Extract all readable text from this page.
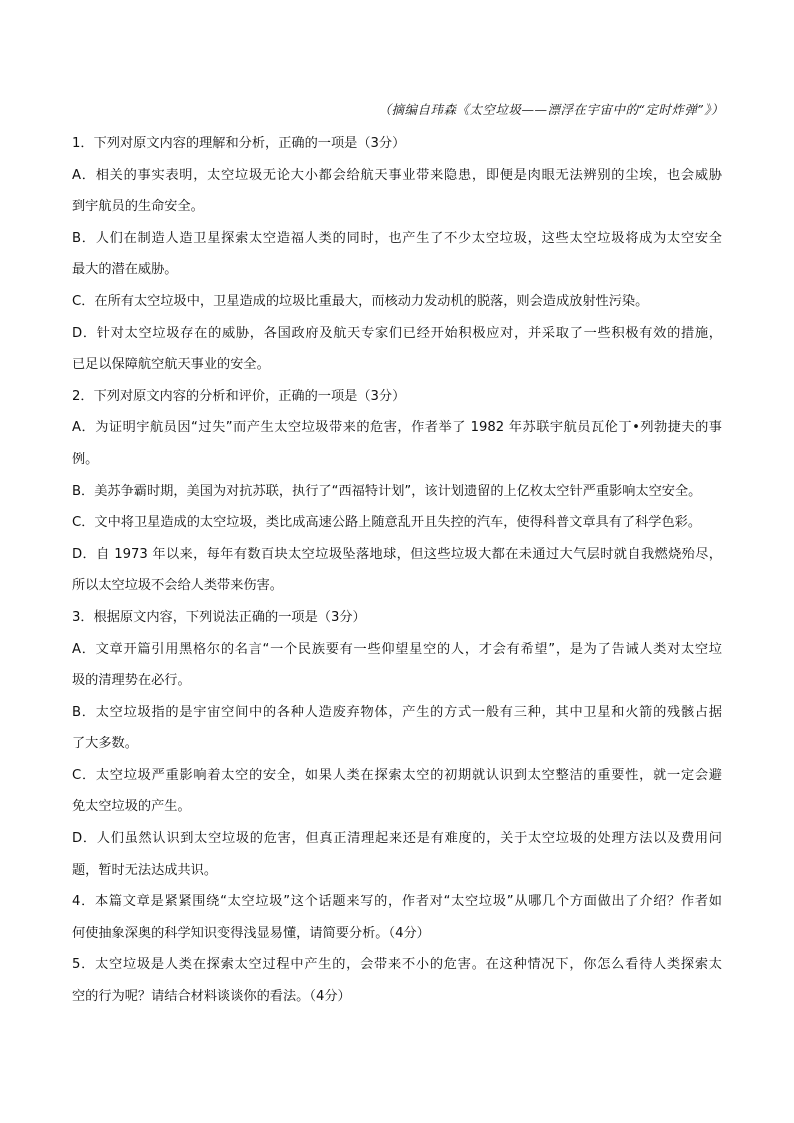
（摘编自玮森《太空垃圾——漂浮在宇宙中的“定时炸弹”》）
1．下列对原文内容的理解和分析，正确的一项是（3分）
A．相关的事实表明，太空垃圾无论大小都会给航天事业带来隐患，即便是肉眼无法辨别的尘埃，也会威胁
到宇航员的生命安全。
B．人们在制造人造卫星探索太空造福人类的同时，也产生了不少太空垃圾，这些太空垃圾将成为太空安全
最大的潜在威胁。
C．在所有太空垃圾中，卫星造成的垃圾比重最大，而核动力发动机的脱落，则会造成放射性污染。
D．针对太空垃圾存在的威胁，各国政府及航天专家们已经开始积极应对，并采取了一些积极有效的措施，
已足以保障航空航天事业的安全。
2．下列对原文内容的分析和评价，正确的一项是（3分）
A．为证明宇航员因“过失”而产生太空垃圾带来的危害，作者举了 1982 年苏联宇航员瓦伦丁•列勃捷夫的事
例。
B．美苏争霸时期，美国为对抗苏联，执行了“西福特计划”，该计划遗留的上亿枚太空针严重影响太空安全。
C．文中将卫星造成的太空垃圾，类比成高速公路上随意乱开且失控的汽车，使得科普文章具有了科学色彩。
D．自 1973 年以来，每年有数百块太空垃圾坠落地球，但这些垃圾大都在未通过大气层时就自我燃烧殆尽，
所以太空垃圾不会给人类带来伤害。
3．根据原文内容，下列说法正确的一项是（3分）
A．文章开篇引用黑格尔的名言“一个民族要有一些仰望星空的人，才会有希望”，是为了告诫人类对太空垃
圾的清理势在必行。
B．太空垃圾指的是宇宙空间中的各种人造废弃物体，产生的方式一般有三种，其中卫星和火箭的残骸占据
了大多数。
C．太空垃圾严重影响着太空的安全，如果人类在探索太空的初期就认识到太空整洁的重要性，就一定会避
免太空垃圾的产生。
D．人们虽然认识到太空垃圾的危害，但真正清理起来还是有难度的，关于太空垃圾的处理方法以及费用问
题，暂时无法达成共识。
4．本篇文章是紧紧围绕“太空垃圾”这个话题来写的，作者对“太空垃圾”从哪几个方面做出了介绍？作者如
何使抽象深奥的科学知识变得浅显易懂，请简要分析。（4分）
5．太空垃圾是人类在探索太空过程中产生的，会带来不小的危害。在这种情况下，你怎么看待人类探索太
空的行为呢？请结合材料谈谈你的看法。（4分）
